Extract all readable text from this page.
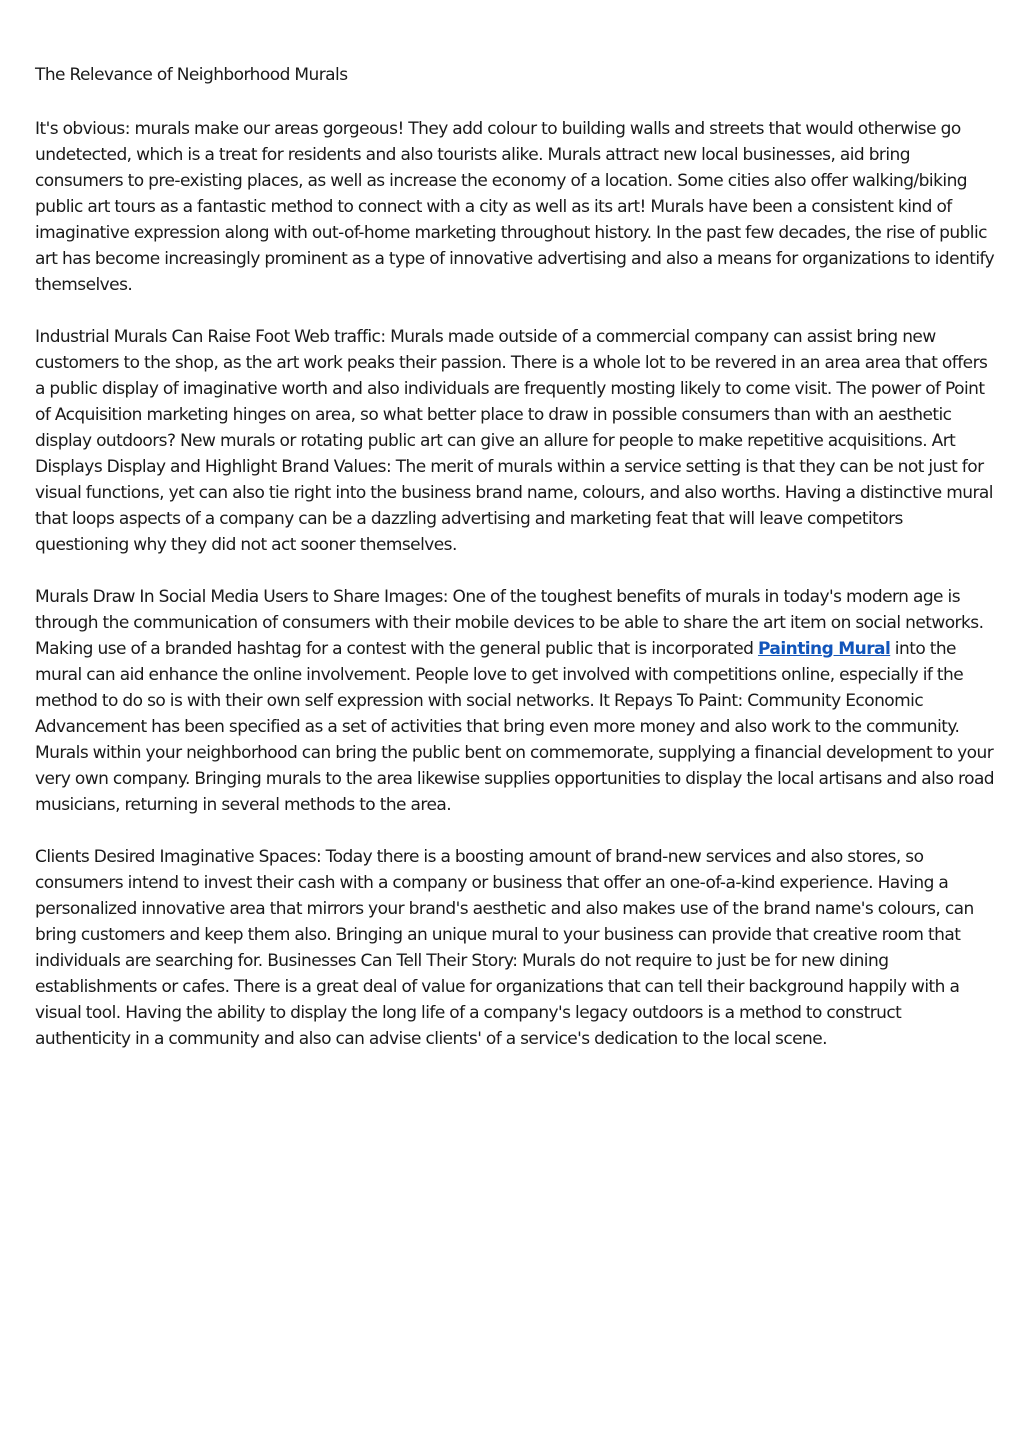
The Relevance of Neighborhood Murals

It's obvious: murals make our areas gorgeous! They add colour to building walls and streets that would otherwise go undetected, which is a treat for residents and also tourists alike. Murals attract new local businesses, aid bring consumers to pre-existing places, as well as increase the economy of a location. Some cities also offer walking/biking public art tours as a fantastic method to connect with a city as well as its art! Murals have been a consistent kind of imaginative expression along with out-of-home marketing throughout history. In the past few decades, the rise of public art has become increasingly prominent as a type of innovative advertising and also a means for organizations to identify themselves.

Industrial Murals Can Raise Foot Web traffic: Murals made outside of a commercial company can assist bring new customers to the shop, as the art work peaks their passion. There is a whole lot to be revered in an area area that offers a public display of imaginative worth and also individuals are frequently mosting likely to come visit. The power of Point of Acquisition marketing hinges on area, so what better place to draw in possible consumers than with an aesthetic display outdoors? New murals or rotating public art can give an allure for people to make repetitive acquisitions. Art Displays Display and Highlight Brand Values: The merit of murals within a service setting is that they can be not just for visual functions, yet can also tie right into the business brand name, colours, and also worths. Having a distinctive mural that loops aspects of a company can be a dazzling advertising and marketing feat that will leave competitors questioning why they did not act sooner themselves.

Murals Draw In Social Media Users to Share Images: One of the toughest benefits of murals in today's modern age is through the communication of consumers with their mobile devices to be able to share the art item on social networks. Making use of a branded hashtag for a contest with the general public that is incorporated Painting Mural into the mural can aid enhance the online involvement. People love to get involved with competitions online, especially if the method to do so is with their own self expression with social networks. It Repays To Paint: Community Economic Advancement has been specified as a set of activities that bring even more money and also work to the community. Murals within your neighborhood can bring the public bent on commemorate, supplying a financial development to your very own company. Bringing murals to the area likewise supplies opportunities to display the local artisans and also road musicians, returning in several methods to the area.

Clients Desired Imaginative Spaces: Today there is a boosting amount of brand-new services and also stores, so consumers intend to invest their cash with a company or business that offer an one-of-a-kind experience. Having a personalized innovative area that mirrors your brand's aesthetic and also makes use of the brand name's colours, can bring customers and keep them also. Bringing an unique mural to your business can provide that creative room that individuals are searching for. Businesses Can Tell Their Story: Murals do not require to just be for new dining establishments or cafes. There is a great deal of value for organizations that can tell their background happily with a visual tool. Having the ability to display the long life of a company's legacy outdoors is a method to construct authenticity in a community and also can advise clients' of a service's dedication to the local scene.
